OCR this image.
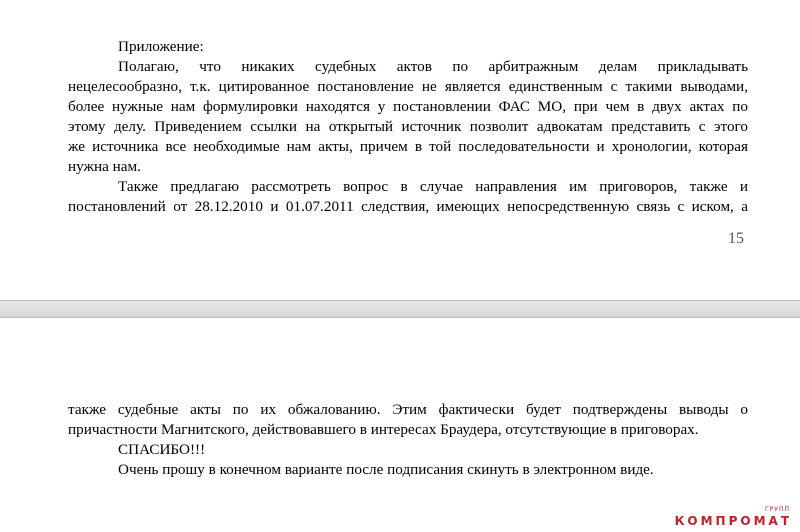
Приложение:

Полагаю, что никаких судебных актов по арбитражным делам прикладывать

нецелесообразно, т.к. цитированное постановление не является единственным с такими выводами,

более нужные нам формулировки находятся у постановлении ФАС МО, при чем в двух актах по

этому делу. Приведением ссылки на открытый источник позволит адвокатам представить с этого

же источника все необходимые нам акты, причем в той последовательности и хронологии, которая

нужна нам.

Также предлагаю рассмотреть вопрос в случае направления им приговоров, также и

постановлений от 28.12.2010 и 01.07.2011 следствия, имеющих непосредственную связь с иском, а

15

также судебные акты по их обжалованию. Этим фактически будет подтверждены выводы о

причастности Магнитского, действовавшего в интересах Браудера, отсутствующие в приговорах.

СПАСИБО!!!

Очень прошу в конечном варианте после подписания скинуть в электронном виде.

ГРУПП
КОМПРОМАТ
